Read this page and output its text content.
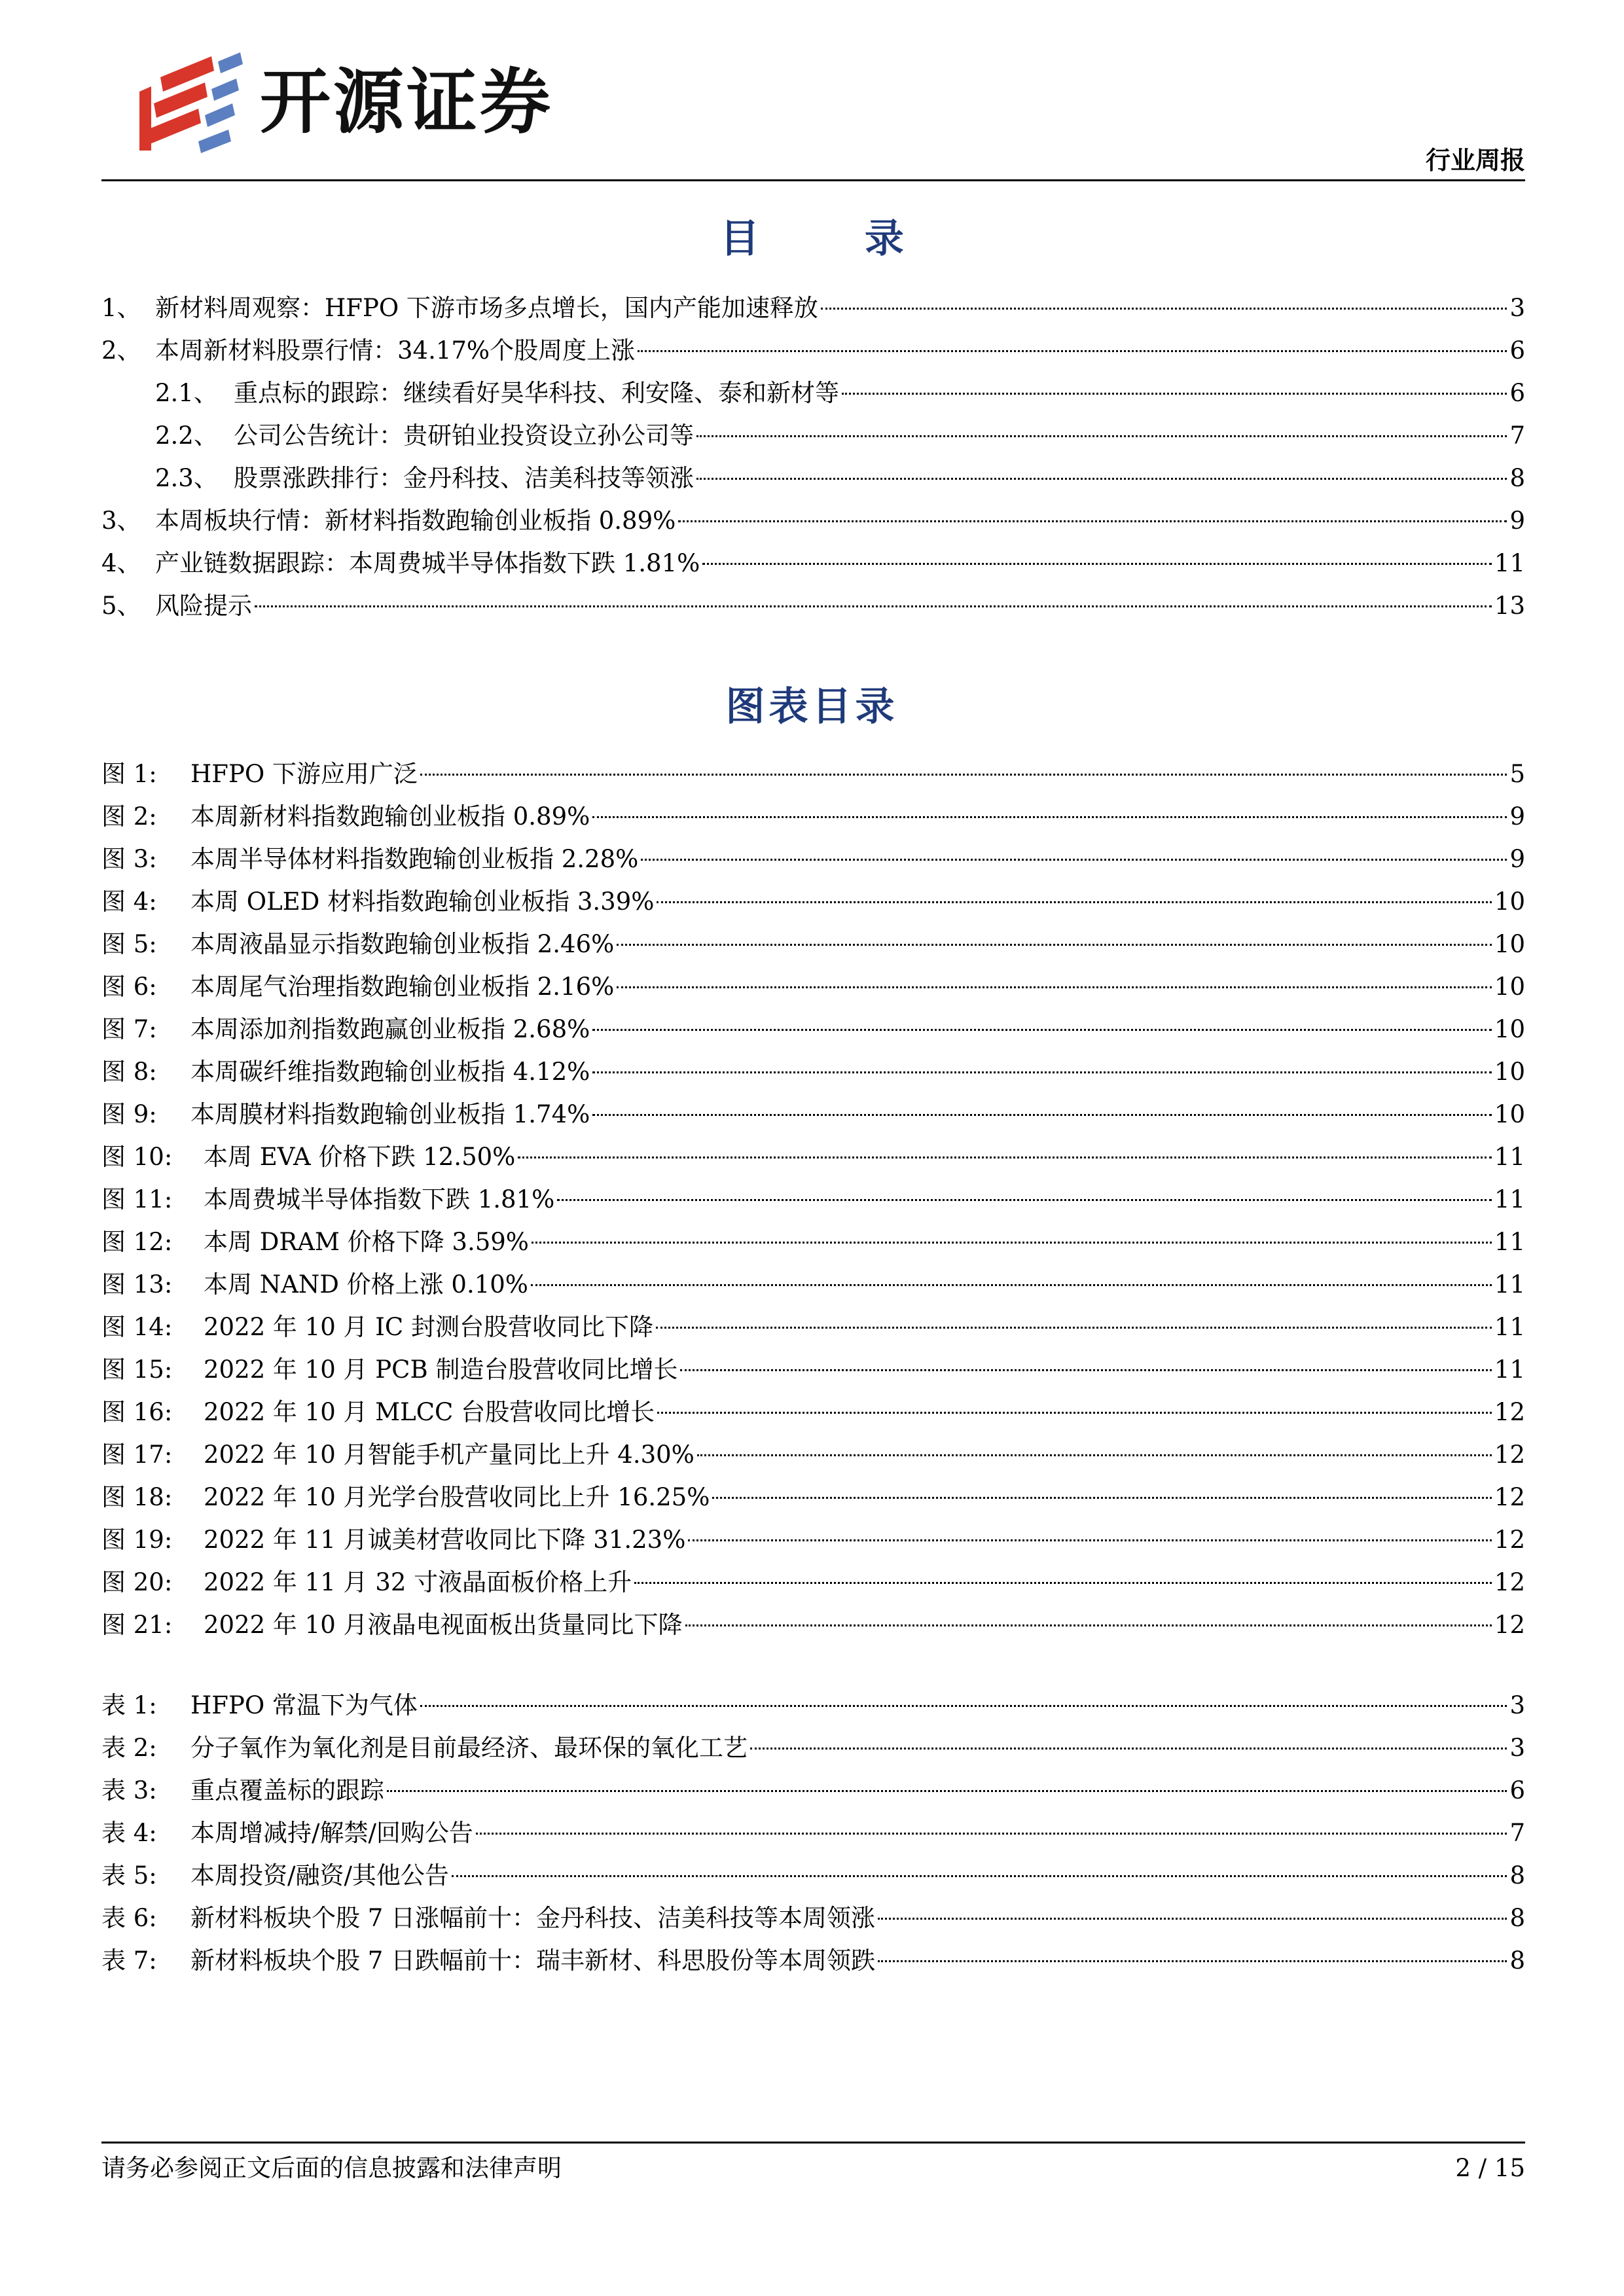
开源证券
行业周报
目 录
1、 新材料周观察：HFPO 下游市场多点增长，国内产能加速释放	3
2、 本周新材料股票行情：34.17%个股周度上涨	6
2.1、 重点标的跟踪：继续看好昊华科技、利安隆、泰和新材等	6
2.2、 公司公告统计：贵研铂业投资设立孙公司等	7
2.3、 股票涨跌排行：金丹科技、洁美科技等领涨	8
3、 本周板块行情：新材料指数跑输创业板指 0.89%	9
4、 产业链数据跟踪：本周费城半导体指数下跌 1.81%	11
5、 风险提示	13
图表目录
图 1:	HFPO 下游应用广泛	5
图 2:	本周新材料指数跑输创业板指 0.89%	9
图 3:	本周半导体材料指数跑输创业板指 2.28%	9
图 4:	本周 OLED 材料指数跑输创业板指 3.39%	10
图 5:	本周液晶显示指数跑输创业板指 2.46%	10
图 6:	本周尾气治理指数跑输创业板指 2.16%	10
图 7:	本周添加剂指数跑赢创业板指 2.68%	10
图 8:	本周碳纤维指数跑输创业板指 4.12%	10
图 9:	本周膜材料指数跑输创业板指 1.74%	10
图 10:	本周 EVA 价格下跌 12.50%	11
图 11:	本周费城半导体指数下跌 1.81%	11
图 12:	本周 DRAM 价格下降 3.59%	11
图 13:	本周 NAND 价格上涨 0.10%	11
图 14:	2022 年 10 月 IC 封测台股营收同比下降	11
图 15:	2022 年 10 月 PCB 制造台股营收同比增长	11
图 16:	2022 年 10 月 MLCC 台股营收同比增长	12
图 17:	2022 年 10 月智能手机产量同比上升 4.30%	12
图 18:	2022 年 10 月光学台股营收同比上升 16.25%	12
图 19:	2022 年 11 月诚美材营收同比下降 31.23%	12
图 20:	2022 年 11 月 32 寸液晶面板价格上升	12
图 21:	2022 年 10 月液晶电视面板出货量同比下降	12
表 1:	HFPO 常温下为气体	3
表 2:	分子氧作为氧化剂是目前最经济、最环保的氧化工艺	3
表 3:	重点覆盖标的跟踪	6
表 4:	本周增减持/解禁/回购公告	7
表 5:	本周投资/融资/其他公告	8
表 6:	新材料板块个股 7 日涨幅前十：金丹科技、洁美科技等本周领涨	8
表 7:	新材料板块个股 7 日跌幅前十：瑞丰新材、科思股份等本周领跌	8
请务必参阅正文后面的信息披露和法律声明	2 / 15
